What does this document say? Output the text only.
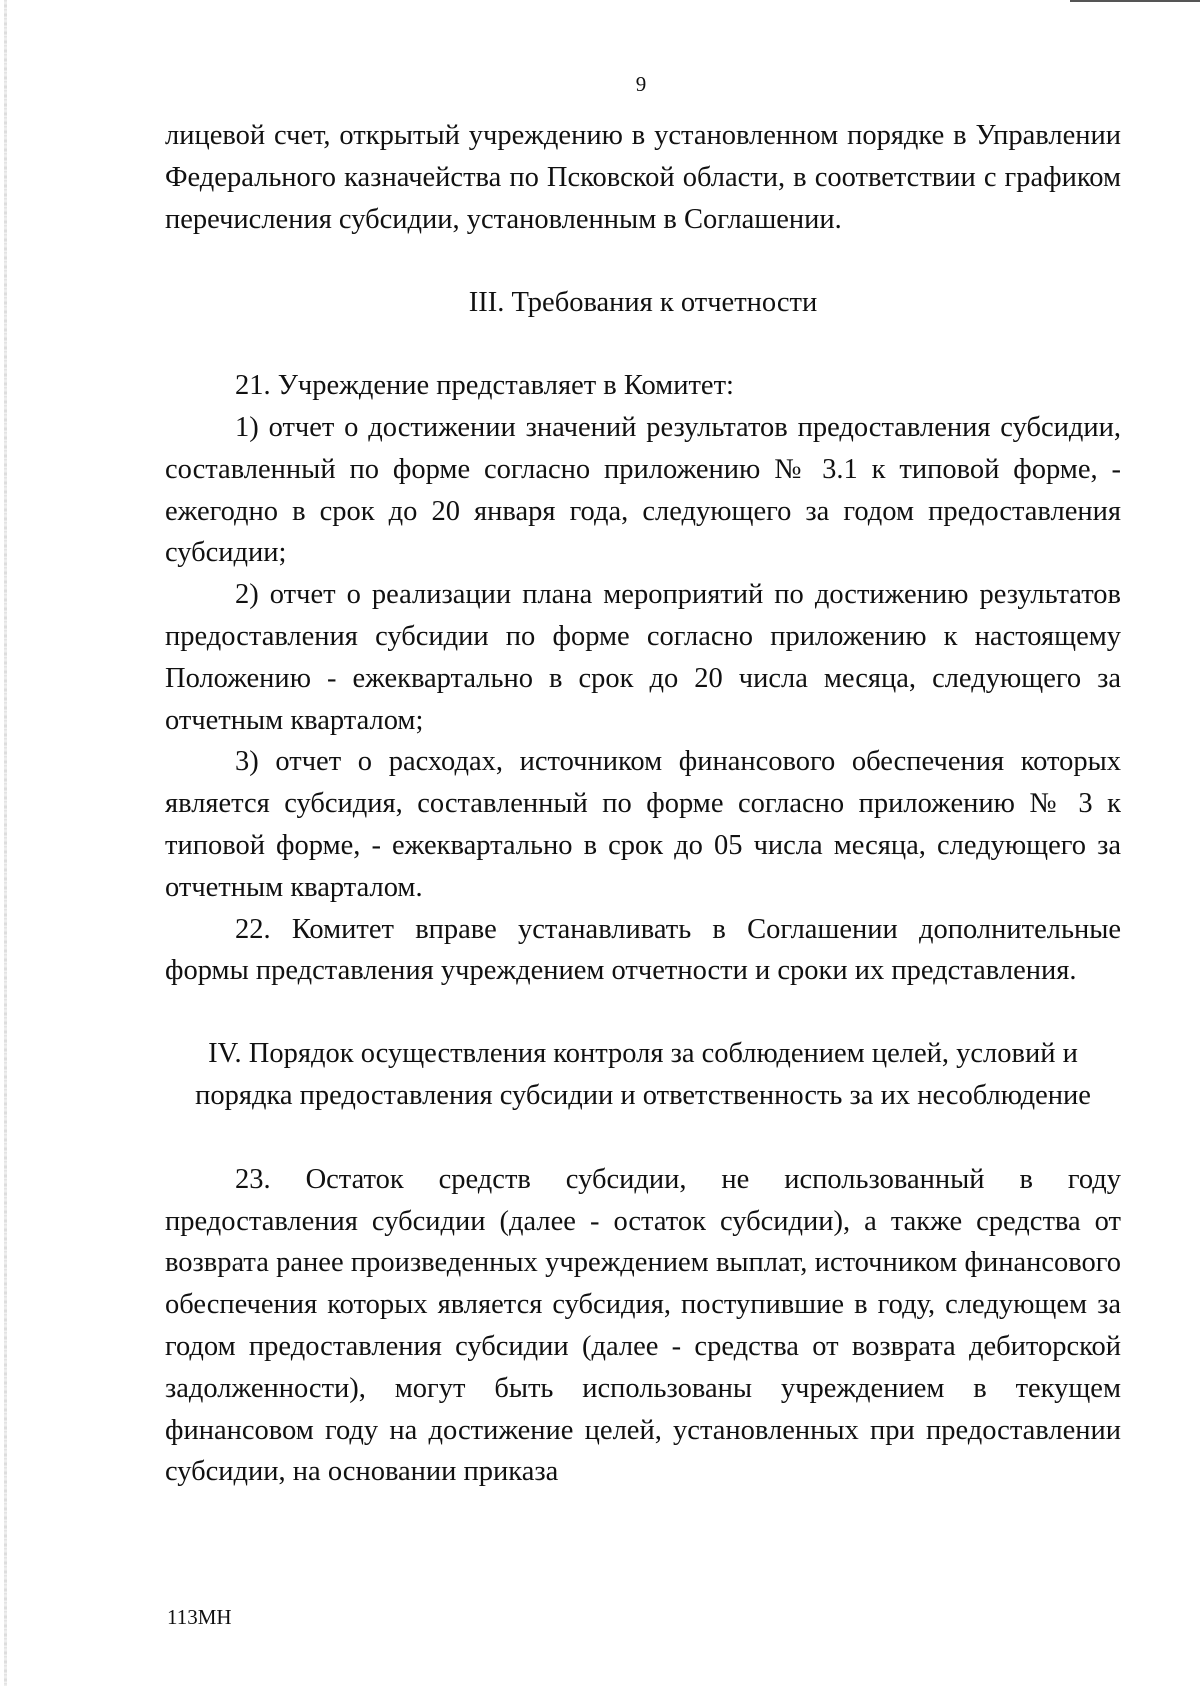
9

лицевой счет, открытый учреждению в установленном порядке в Управлении Федерального казначейства по Псковской области, в соответствии с графиком перечисления субсидии, установленным в Соглашении.

III. Требования к отчетности

21. Учреждение представляет в Комитет:

1) отчет о достижении значений результатов предоставления субсидии, составленный по форме согласно приложению № 3.1 к типовой форме, - ежегодно в срок до 20 января года, следующего за годом предоставления субсидии;

2) отчет о реализации плана мероприятий по достижению результатов предоставления субсидии по форме согласно приложению к настоящему Положению - ежеквартально в срок до 20 числа месяца, следующего за отчетным кварталом;

3) отчет о расходах, источником финансового обеспечения которых является субсидия, составленный по форме согласно приложению № 3 к типовой форме, - ежеквартально в срок до 05 числа месяца, следующего за отчетным кварталом.

22. Комитет вправе устанавливать в Соглашении дополнительные формы представления учреждением отчетности и сроки их представления.

IV. Порядок осуществления контроля за соблюдением целей, условий и

порядка предоставления субсидии и ответственность за их несоблюдение

23. Остаток средств субсидии, не использованный в году предоставления субсидии (далее - остаток субсидии), а также средства от возврата ранее произведенных учреждением выплат, источником финансового обеспечения которых является субсидия, поступившие в году, следующем за годом предоставления субсидии (далее - средства от возврата дебиторской задолженности), могут быть использованы учреждением в текущем финансовом году на достижение целей, установленных при предоставлении субсидии, на основании приказа

113МН
